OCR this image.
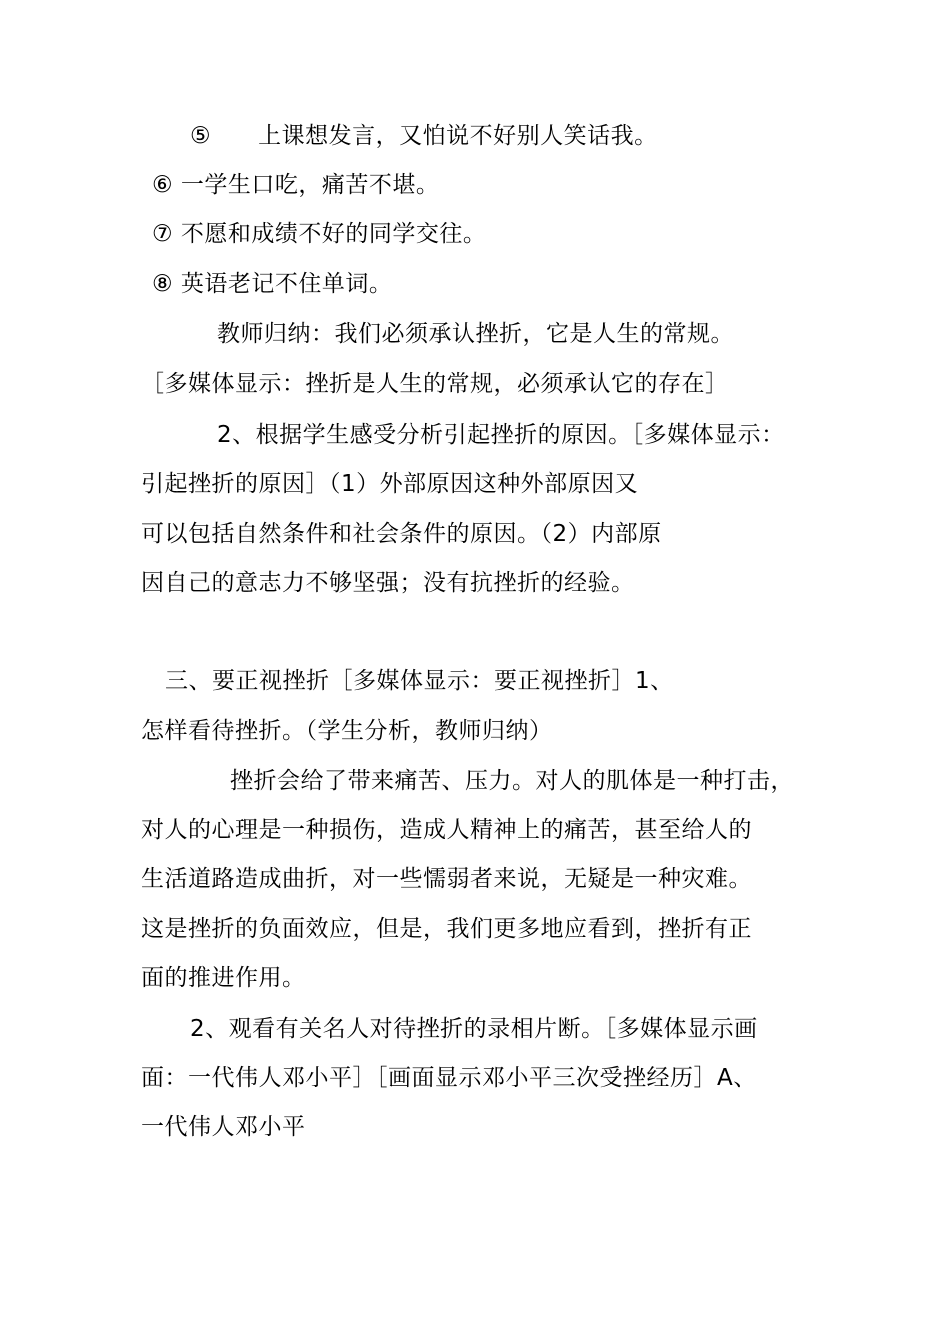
⑤　　上课想发言，又怕说不好别人笑话我。
⑥ 一学生口吃，痛苦不堪。
⑦ 不愿和成绩不好的同学交往。
⑧ 英语老记不住单词。
教师归纳：我们必须承认挫折，它是人生的常规。
［多媒体显示：挫折是人生的常规，必须承认它的存在］
2、根据学生感受分析引起挫折的原因。［多媒体显示：
引起挫折的原因］（1）外部原因这种外部原因又
可以包括自然条件和社会条件的原因。（2）内部原
因自己的意志力不够坚强；没有抗挫折的经验。
三、要正视挫折［多媒体显示：要正视挫折］1、
怎样看待挫折。（学生分析，教师归纳）
挫折会给了带来痛苦、压力。对人的肌体是一种打击，
对人的心理是一种损伤，造成人精神上的痛苦，甚至给人的
生活道路造成曲折，对一些懦弱者来说，无疑是一种灾难。
这是挫折的负面效应，但是，我们更多地应看到，挫折有正
面的推进作用。
2、观看有关名人对待挫折的录相片断。［多媒体显示画
面：一代伟人邓小平］［画面显示邓小平三次受挫经历］A、
一代伟人邓小平
